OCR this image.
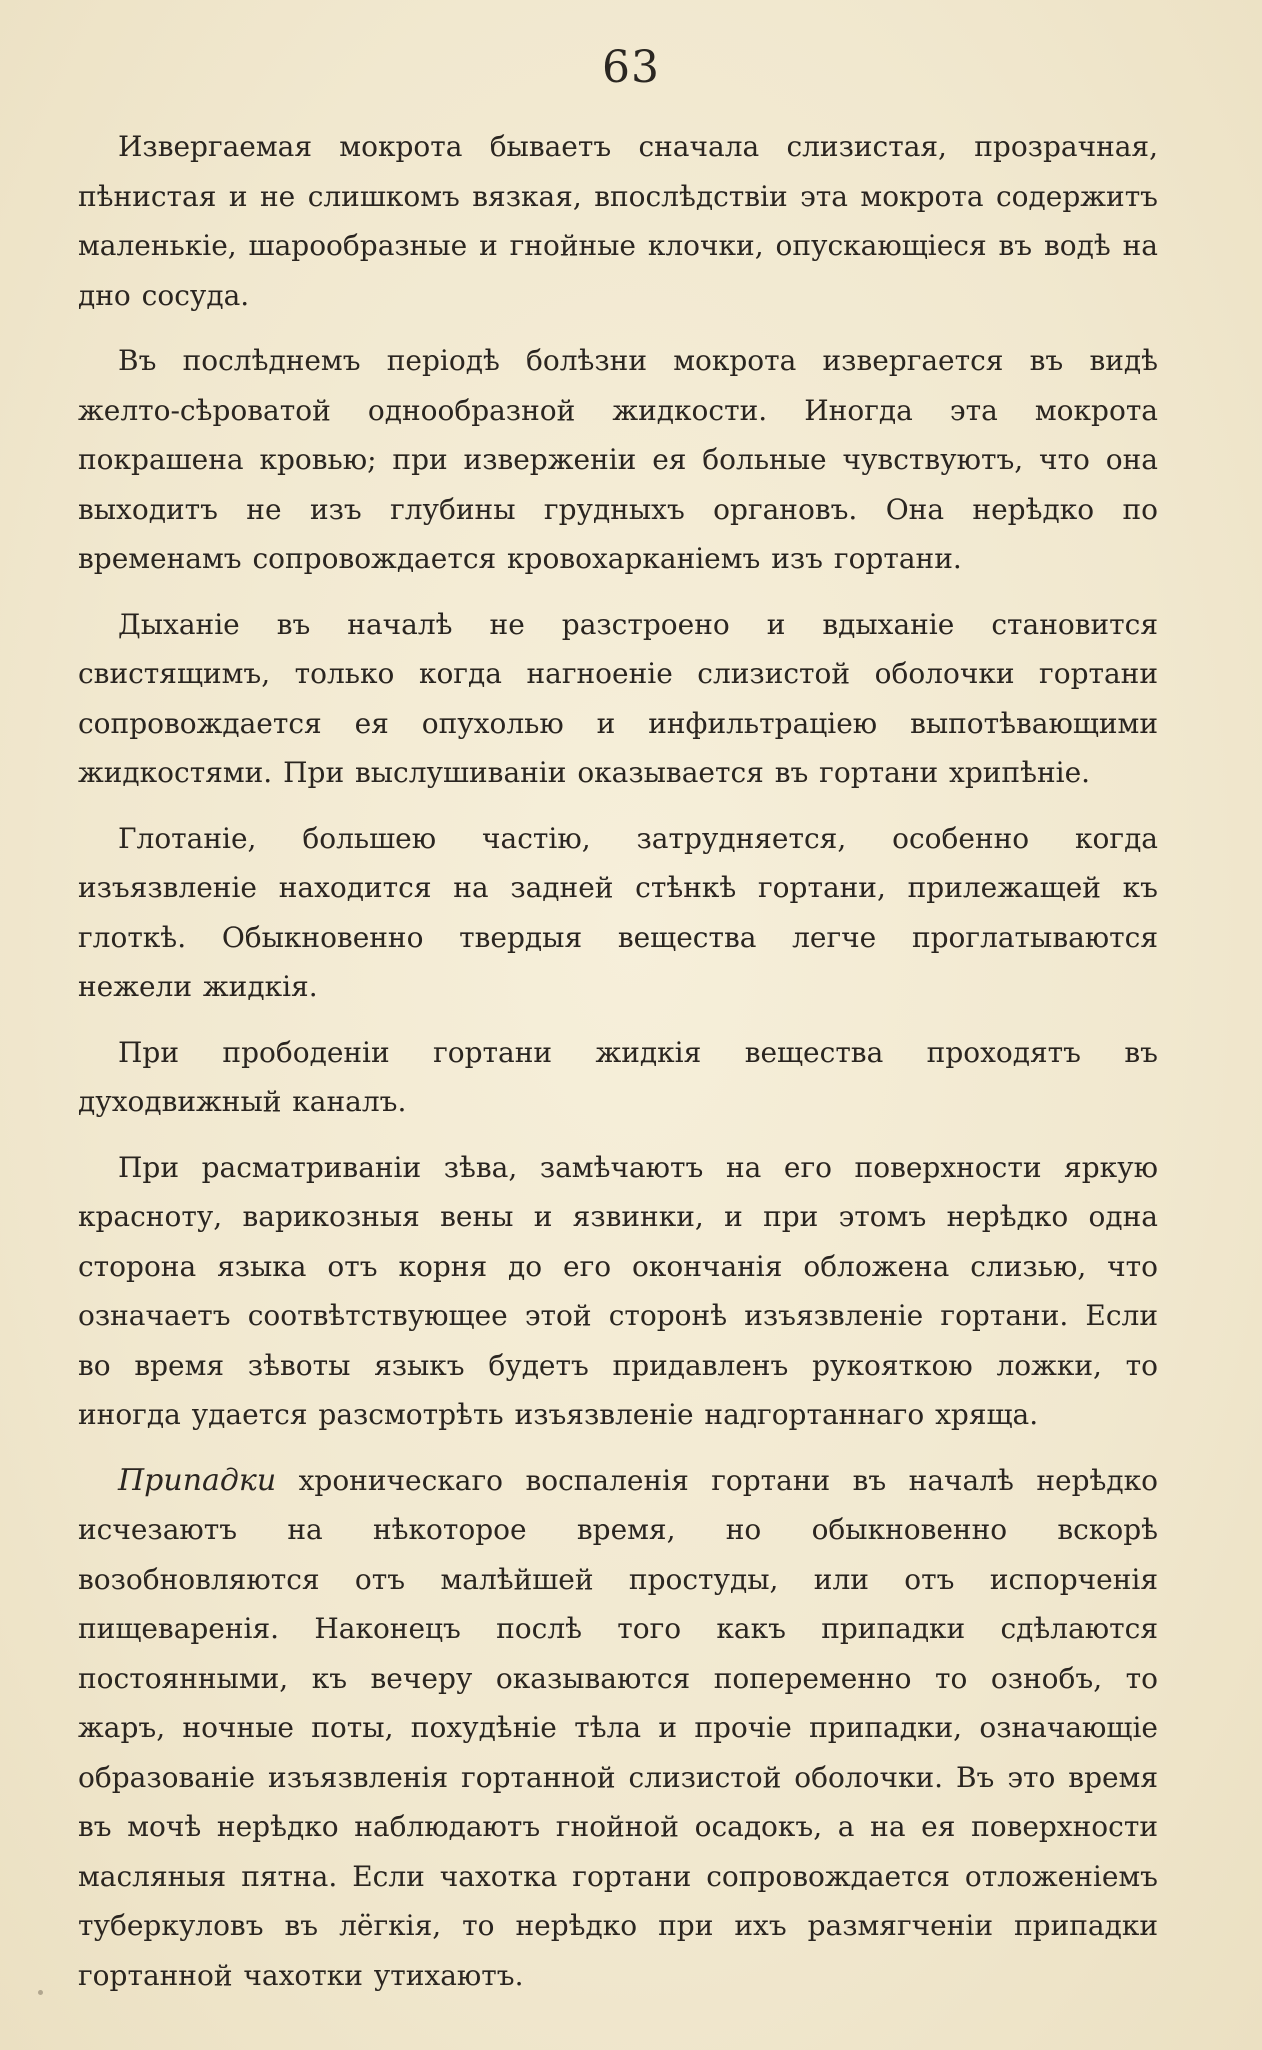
63

Извергаемая мокрота бываетъ сначала слизистая, прозрачная, пѣнистая и не слишкомъ вязкая, впослѣдствіи эта мокрота содержитъ маленькіе, шарообразные и гнойные клочки, опускающіеся въ водѣ на дно сосуда.

Въ послѣднемъ періодѣ болѣзни мокрота извергается въ видѣ желто-сѣроватой однообразной жидкости. Иногда эта мокрота покрашена кровью; при изверженіи ея больные чувствуютъ, что она выходитъ не изъ глубины грудныхъ органовъ. Она нерѣдко по временамъ сопровождается кровохарканіемъ изъ гортани.

Дыханіе въ началѣ не разстроено и вдыханіе становится свистящимъ, только когда нагноеніе слизистой оболочки гортани сопровождается ея опухолью и инфильтраціею выпотѣвающими жидкостями. При выслушиваніи оказывается въ гортани хрипѣніе.

Глотаніе, большею частію, затрудняется, особенно когда изъязвленіе находится на задней стѣнкѣ гортани, прилежащей къ глоткѣ. Обыкновенно твердыя вещества легче проглатываются нежели жидкія.

При прободеніи гортани жидкія вещества проходятъ въ духодвижный каналъ.

При расматриваніи зѣва, замѣчаютъ на его поверхности яркую красноту, варикозныя вены и язвинки, и при этомъ нерѣдко одна сторона языка отъ корня до его окончанія обложена слизью, что означаетъ соотвѣтствующее этой сторонѣ изъязвленіе гортани. Если во время зѣвоты языкъ будетъ придавленъ рукояткою ложки, то иногда удается разсмотрѣть изъязвленіе надгортаннаго хряща.

Припадки хроническаго воспаленія гортани въ началѣ нерѣдко исчезаютъ на нѣкоторое время, но обыкновенно вскорѣ возобновляются отъ малѣйшей простуды, или отъ испорченія пищеваренія. Наконецъ послѣ того какъ припадки сдѣлаются постоянными, къ вечеру оказываются попеременно то ознобъ, то жаръ, ночные поты, похудѣніе тѣла и прочіе припадки, означающіе образованіе изъязвленія гортанной слизистой оболочки. Въ это время въ мочѣ нерѣдко наблюдаютъ гнойной осадокъ, а на ея поверхности масляныя пятна. Если чахотка гортани сопровождается отложеніемъ туберкуловъ въ лёгкія, то нерѣдко при ихъ размягченіи припадки гортанной чахотки утихаютъ.
